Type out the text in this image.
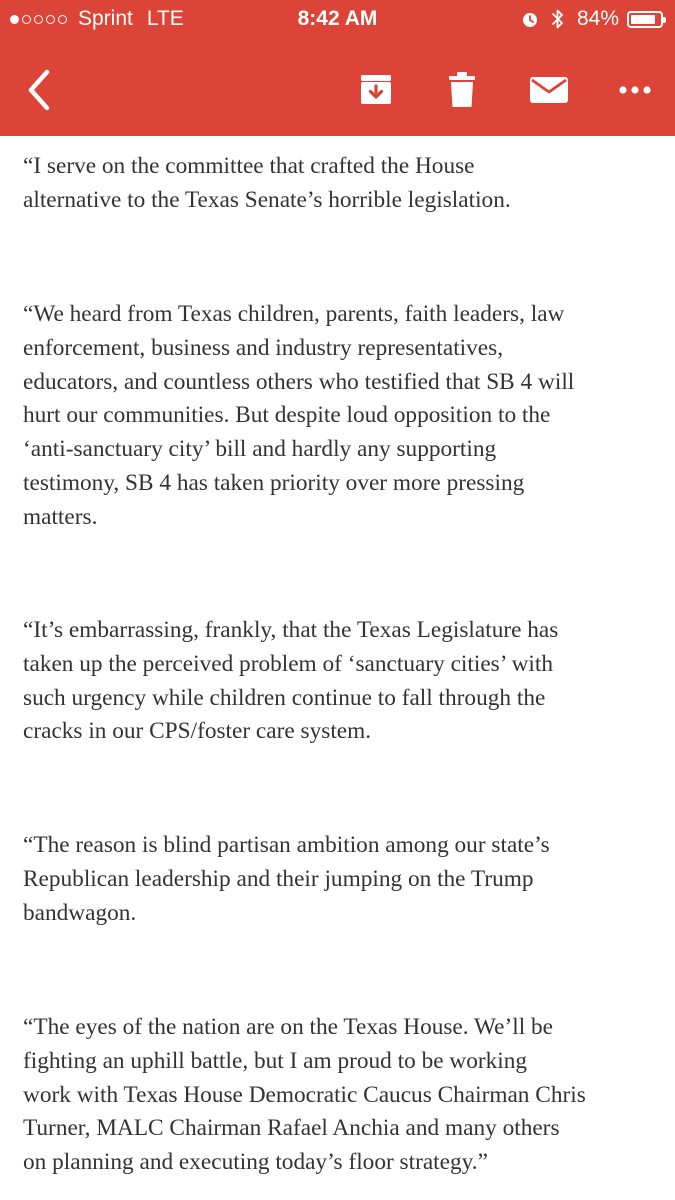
Sprint LTE	8:42 AM	84%

“I serve on the committee that crafted the House
alternative to the Texas Senate’s horrible legislation.

“We heard from Texas children, parents, faith leaders, law
enforcement, business and industry representatives,
educators, and countless others who testified that SB 4 will
hurt our communities. But despite loud opposition to the
‘anti-sanctuary city’ bill and hardly any supporting
testimony, SB 4 has taken priority over more pressing
matters.

“It’s embarrassing, frankly, that the Texas Legislature has
taken up the perceived problem of ‘sanctuary cities’ with
such urgency while children continue to fall through the
cracks in our CPS/foster care system.

“The reason is blind partisan ambition among our state’s
Republican leadership and their jumping on the Trump
bandwagon.

“The eyes of the nation are on the Texas House. We’ll be
fighting an uphill battle, but I am proud to be working
work with Texas House Democratic Caucus Chairman Chris
Turner, MALC Chairman Rafael Anchia and many others
on planning and executing today’s floor strategy.”
